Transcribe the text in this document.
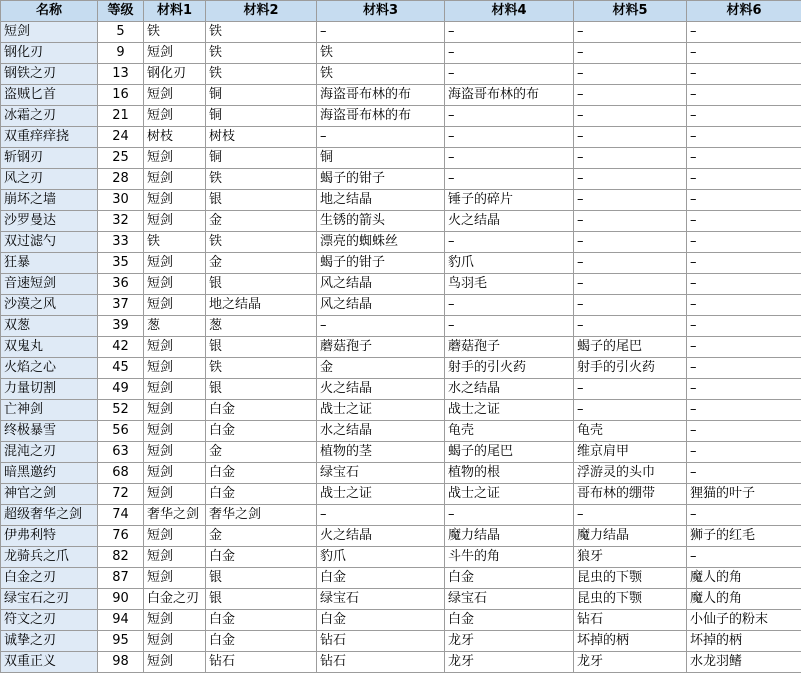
名称	等级	材料1	材料2	材料3	材料4	材料5	材料6
短剑	5	铁	铁	–	–	–	–
钢化刃	9	短剑	铁	铁	–	–	–
钢铁之刃	13	钢化刃	铁	铁	–	–	–
盗贼匕首	16	短剑	铜	海盗哥布林的布	海盗哥布林的布	–	–
冰霜之刃	21	短剑	铜	海盗哥布林的布	–	–	–
双重痒痒挠	24	树枝	树枝	–	–	–	–
斩钢刃	25	短剑	铜	铜	–	–	–
风之刃	28	短剑	铁	蝎子的钳子	–	–	–
崩坏之墙	30	短剑	银	地之结晶	锤子的碎片	–	–
沙罗曼达	32	短剑	金	生锈的箭头	火之结晶	–	–
双过滤勺	33	铁	铁	漂亮的蜘蛛丝	–	–	–
狂暴	35	短剑	金	蝎子的钳子	豹爪	–	–
音速短剑	36	短剑	银	风之结晶	鸟羽毛	–	–
沙漠之风	37	短剑	地之结晶	风之结晶	–	–	–
双葱	39	葱	葱	–	–	–	–
双鬼丸	42	短剑	银	蘑菇孢子	蘑菇孢子	蝎子的尾巴	–
火焰之心	45	短剑	铁	金	射手的引火药	射手的引火药	–
力量切割	49	短剑	银	火之结晶	水之结晶	–	–
亡神剑	52	短剑	白金	战士之证	战士之证	–	–
终极暴雪	56	短剑	白金	水之结晶	龟壳	龟壳	–
混沌之刃	63	短剑	金	植物的茎	蝎子的尾巴	维京肩甲	–
暗黑邀约	68	短剑	白金	绿宝石	植物的根	浮游灵的头巾	–
神官之剑	72	短剑	白金	战士之证	战士之证	哥布林的绷带	狸猫的叶子
超级奢华之剑	74	奢华之剑	奢华之剑	–	–	–	–
伊弗利特	76	短剑	金	火之结晶	魔力结晶	魔力结晶	狮子的红毛
龙骑兵之爪	82	短剑	白金	豹爪	斗牛的角	狼牙	–
白金之刃	87	短剑	银	白金	白金	昆虫的下颚	魔人的角
绿宝石之刃	90	白金之刃	银	绿宝石	绿宝石	昆虫的下颚	魔人的角
符文之刃	94	短剑	白金	白金	白金	钻石	小仙子的粉末
诚挚之刃	95	短剑	白金	钻石	龙牙	坏掉的柄	坏掉的柄
双重正义	98	短剑	钻石	钻石	龙牙	龙牙	水龙羽鳍
